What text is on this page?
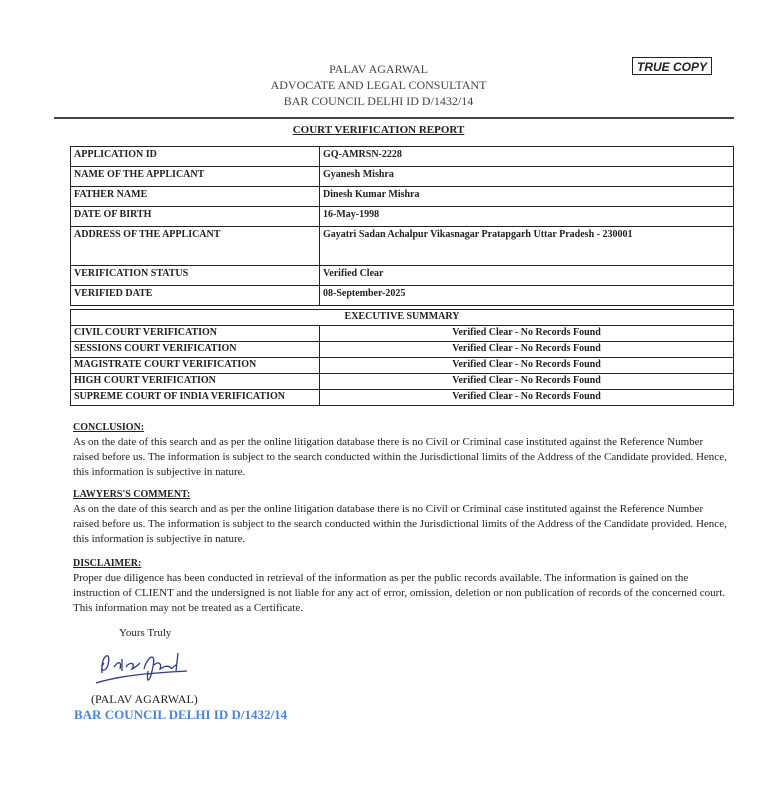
PALAV AGARWAL
ADVOCATE AND LEGAL CONSULTANT
BAR COUNCIL DELHI ID D/1432/14
TRUE COPY
COURT VERIFICATION REPORT
APPLICATION ID	GQ-AMRSN-2228
NAME OF THE APPLICANT	Gyanesh Mishra
FATHER NAME	Dinesh Kumar Mishra
DATE OF BIRTH	16-May-1998
ADDRESS OF THE APPLICANT	Gayatri Sadan Achalpur Vikasnagar Pratapgarh Uttar Pradesh - 230001
VERIFICATION STATUS	Verified Clear
VERIFIED DATE	08-September-2025
EXECUTIVE SUMMARY	
CIVIL COURT VERIFICATION	Verified Clear - No Records Found
SESSIONS COURT VERIFICATION	Verified Clear - No Records Found
MAGISTRATE COURT VERIFICATION	Verified Clear - No Records Found
HIGH COURT VERIFICATION	Verified Clear - No Records Found
SUPREME COURT OF INDIA VERIFICATION	Verified Clear - No Records Found
CONCLUSION:
As on the date of this search and as per the online litigation database there is no Civil or Criminal case instituted against the Reference Number raised before us. The information is subject to the search conducted within the Jurisdictional limits of the Address of the Candidate provided. Hence, this information is subjective in nature.
LAWYERS'S COMMENT:
As on the date of this search and as per the online litigation database there is no Civil or Criminal case instituted against the Reference Number raised before us. The information is subject to the search conducted within the Jurisdictional limits of the Address of the Candidate provided. Hence, this information is subjective in nature.
DISCLAIMER:
Proper due diligence has been conducted in retrieval of the information as per the public records available. The information is gained on the instruction of CLIENT and the undersigned is not liable for any act of error, omission, deletion or non publication of records of the concerned court. This information may not be treated as a Certificate.
Yours Truly
(PALAV AGARWAL)
BAR COUNCIL DELHI ID D/1432/14
